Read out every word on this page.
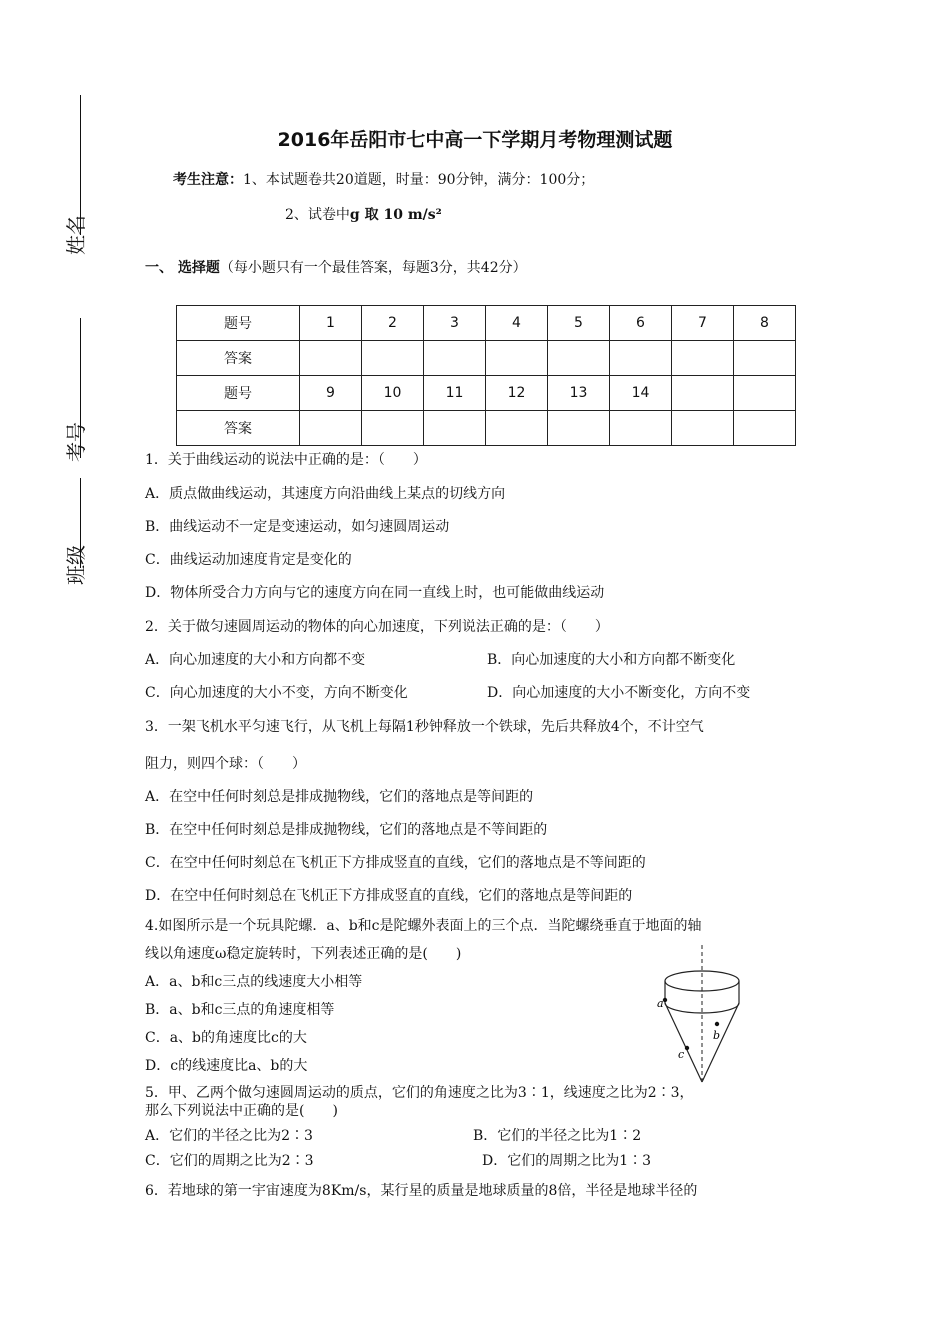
姓名
考号
班级
2016年岳阳市七中高一下学期月考物理测试题
考生注意：1、本试题卷共20道题，时量：90分钟，满分：100分；
2、试卷中g 取 10 m/s²
一、 选择题（每小题只有一个最佳答案，每题3分，共42分）
题号	1	2	3	4	5	6	7	8
答案								
题号	9	10	11	12	13	14		
答案								
1．关于曲线运动的说法中正确的是：（　　）
A．质点做曲线运动，其速度方向沿曲线上某点的切线方向
B．曲线运动不一定是变速运动，如匀速圆周运动
C．曲线运动加速度肯定是变化的
D．物体所受合力方向与它的速度方向在同一直线上时，也可能做曲线运动
2．关于做匀速圆周运动的物体的向心加速度，下列说法正确的是：（　　）
A．向心加速度的大小和方向都不变	B．向心加速度的大小和方向都不断变化
C．向心加速度的大小不变，方向不断变化	D．向心加速度的大小不断变化，方向不变
3．一架飞机水平匀速飞行，从飞机上每隔1秒钟释放一个铁球，先后共释放4个，不计空气
阻力，则四个球：（　　）
A．在空中任何时刻总是排成抛物线，它们的落地点是等间距的
B．在空中任何时刻总是排成抛物线，它们的落地点是不等间距的
C．在空中任何时刻总在飞机正下方排成竖直的直线，它们的落地点是不等间距的
D．在空中任何时刻总在飞机正下方排成竖直的直线，它们的落地点是等间距的
4.如图所示是一个玩具陀螺．a、b和c是陀螺外表面上的三个点．当陀螺绕垂直于地面的轴
线以角速度ω稳定旋转时，下列表述正确的是(　　)
A．a、b和c三点的线速度大小相等
B．a、b和c三点的角速度相等
C．a、b的角速度比c的大
D．c的线速度比a、b的大
a
b
c
5．甲、乙两个做匀速圆周运动的质点，它们的角速度之比为3∶1，线速度之比为2∶3，
那么下列说法中正确的是(　　)
A．它们的半径之比为2∶3	B．它们的半径之比为1∶2
C．它们的周期之比为2∶3	D．它们的周期之比为1∶3
6．若地球的第一宇宙速度为8Km/s，某行星的质量是地球质量的8倍，半径是地球半径的
